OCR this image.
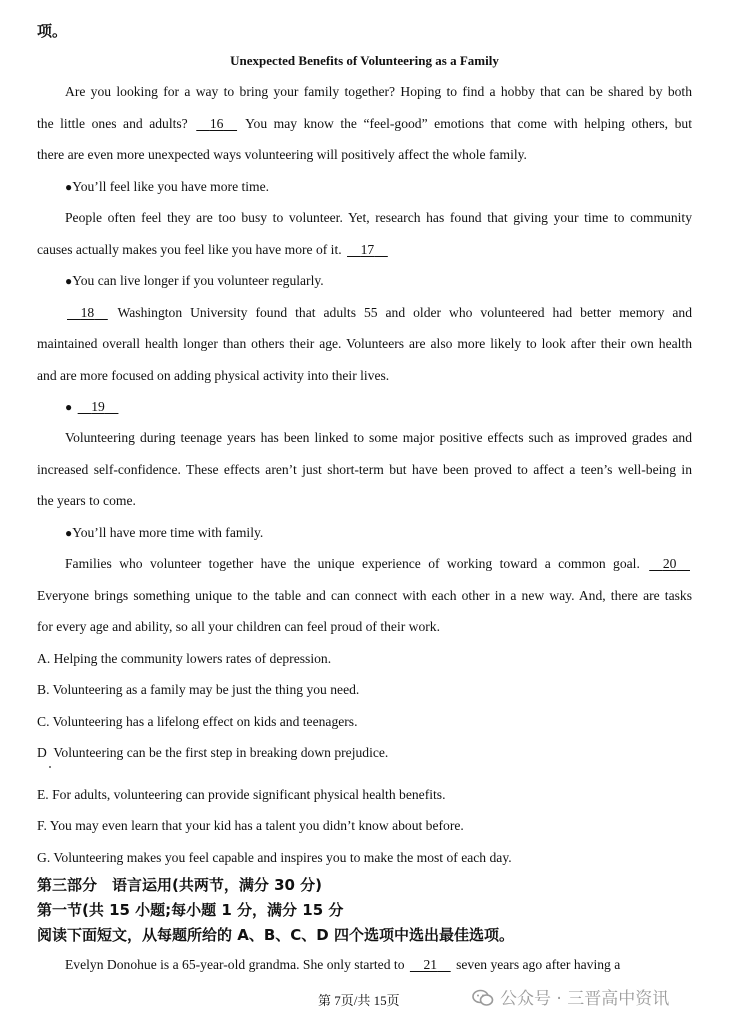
项。
Unexpected Benefits of Volunteering as a Family
Are you looking for a way to bring your family together? Hoping to find a hobby that can be shared by both
the little ones and adults? 16 You may know the “feel-good” emotions that come with helping others, but
there are even more unexpected ways volunteering will positively affect the whole family.
●You’ll feel like you have more time.
People often feel they are too busy to volunteer. Yet, research has found that giving your time to community
causes actually makes you feel like you have more of it. 17
●You can live longer if you volunteer regularly.
18 Washington University found that adults 55 and older who volunteered had better memory and
maintained overall health longer than others their age. Volunteers are also more likely to look after their own health
and are more focused on adding physical activity into their lives.
● 19
Volunteering during teenage years has been linked to some major positive effects such as improved grades and
increased self-confidence. These effects aren’t just short-term but have been proved to affect a teen’s well-being in
the years to come.
●You’ll have more time with family.
Families who volunteer together have the unique experience of working toward a common goal. 20
Everyone brings something unique to the table and can connect with each other in a new way. And, there are tasks
for every age and ability, so all your children can feel proud of their work.
A. Helping the community lowers rates of depression.
B. Volunteering as a family may be just the thing you need.
C. Volunteering has a lifelong effect on kids and teenagers.
D  Volunteering can be the first step in breaking down prejudice.
E. For adults, volunteering can provide significant physical health benefits.
F. You may even learn that your kid has a talent you didn’t know about before.
G. Volunteering makes you feel capable and inspires you to make the most of each day.
第三部分　语言运用(共两节，满分 30 分)
第一节(共 15 小题;每小题 1 分，满分 15 分
阅读下面短文，从每题所给的 A、B、C、D 四个选项中选出最佳选项。
Evelyn Donohue is a 65-year-old grandma. She only started to 21 seven years ago after having a
第 7页/共 15页	公众号 · 三晋高中资讯
